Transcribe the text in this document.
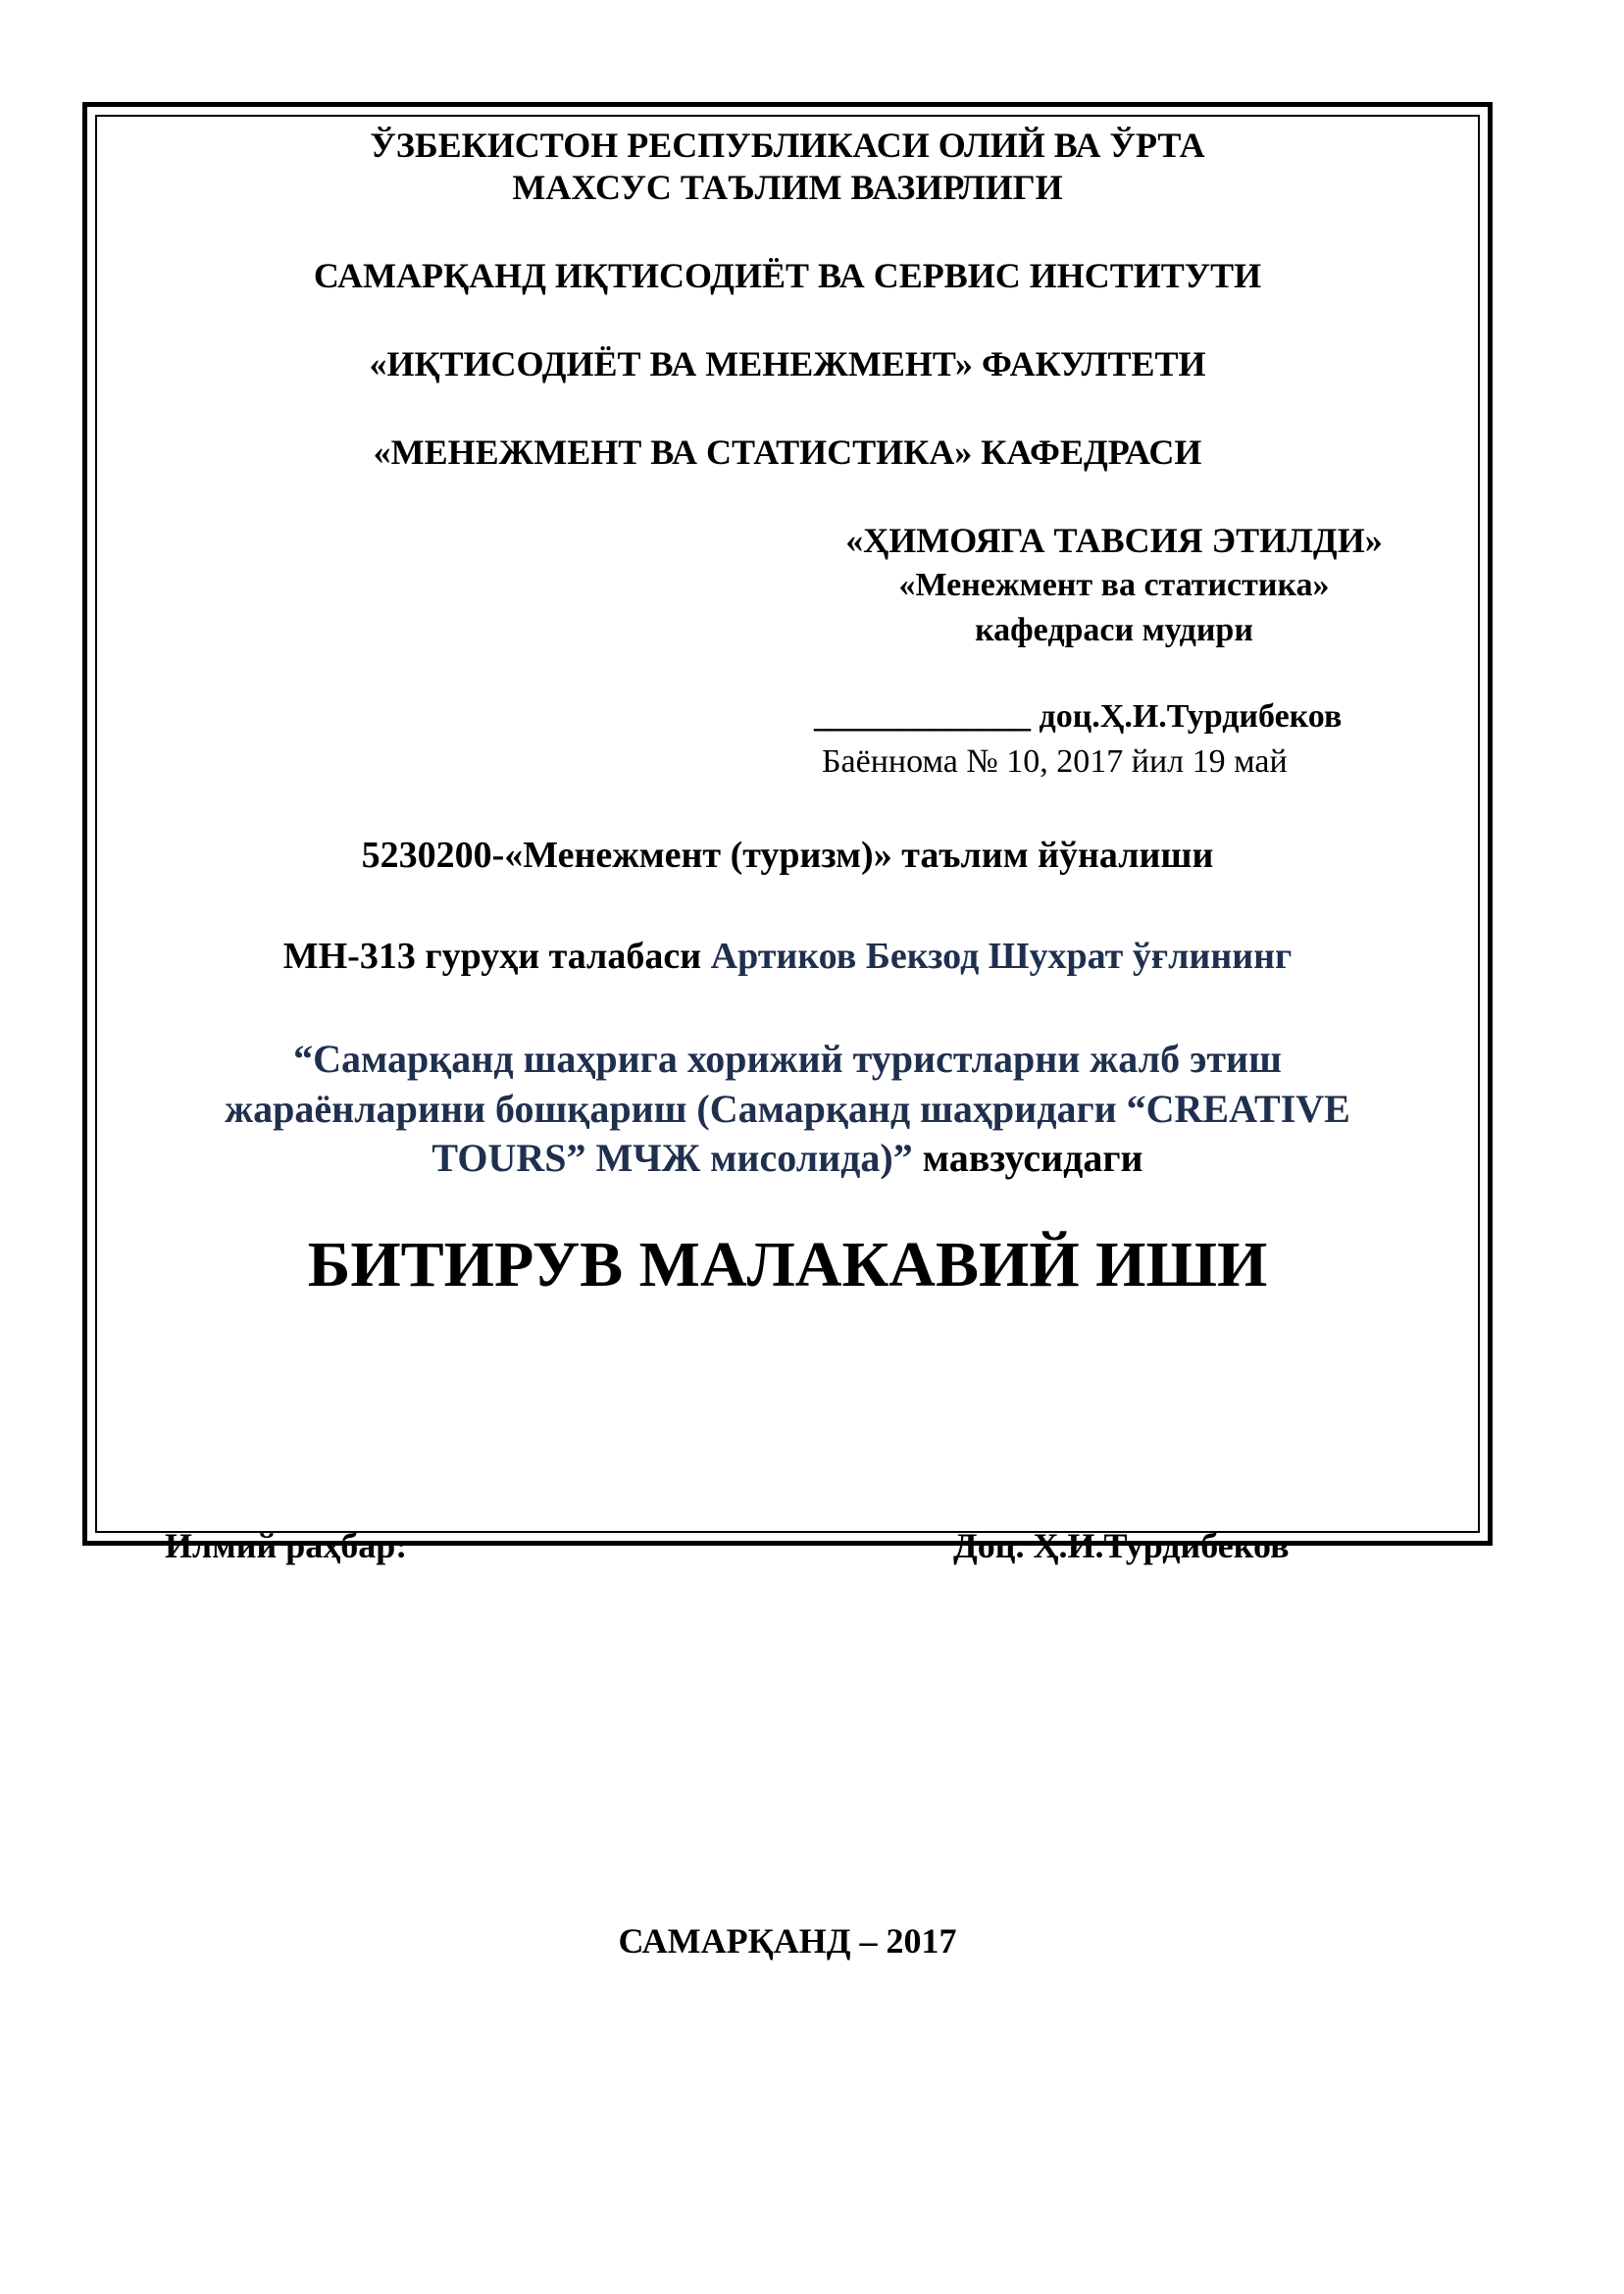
ЎЗБЕКИСТОН РЕСПУБЛИКАСИ ОЛИЙ ВА ЎРТА
МАХСУС ТАЪЛИМ ВАЗИРЛИГИ
САМАРҚАНД ИҚТИСОДИЁТ ВА СЕРВИС ИНСТИТУТИ
«ИҚТИСОДИЁТ ВА МЕНЕЖМЕНТ» ФАКУЛТЕТИ
«МЕНЕЖМЕНТ ВА СТАТИСТИКА» КАФЕДРАСИ
«ҲИМОЯГА ТАВСИЯ ЭТИЛДИ»
«Менежмент ва статистика»
кафедраси мудири
_____________ доц.Ҳ.И.Турдибеков
Баённома № 10, 2017 йил 19 май
5230200-«Менежмент (туризм)» таълим йўналиши
МН-313 гуруҳи талабаси Артиков Бекзод Шухрат ўғлининг
“Самарқанд шаҳрига хорижий туристларни жалб этиш
жараёнларини бошқариш (Самарқанд шаҳридаги “CREATIVE
TOURS” МЧЖ мисолида)” мавзусидаги
БИТИРУВ МАЛАКАВИЙ ИШИ
Илмий раҳбар:	Доц. Ҳ.И.Турдибеков
САМАРҚАНД – 2017
